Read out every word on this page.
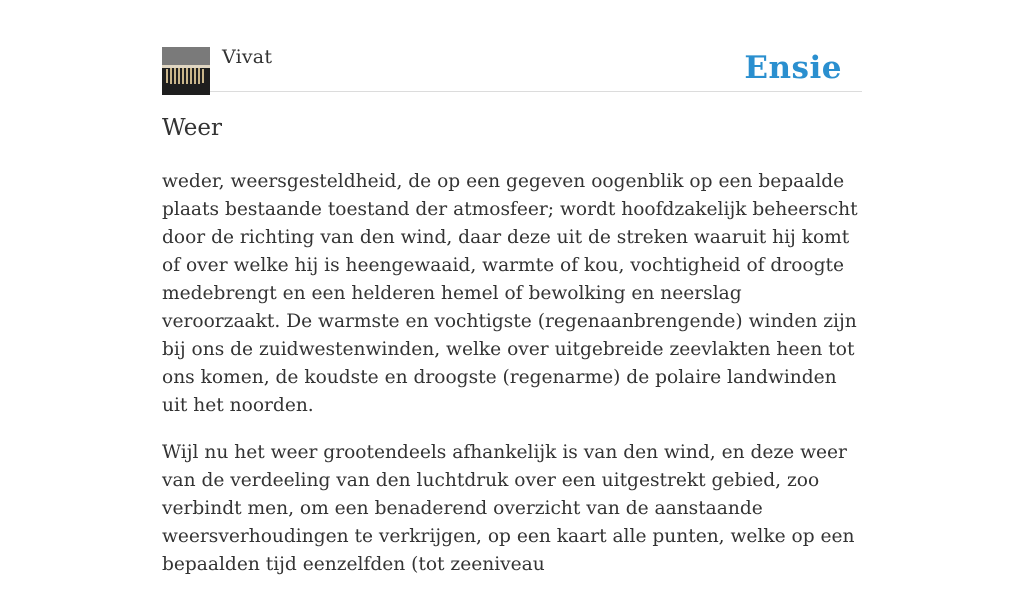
Vivat	Ensie
Weer

weder, weersgesteldheid, de op een gegeven oogenblik op een bepaalde plaats bestaande toestand der atmosfeer; wordt hoofdzakelijk beheerscht door de richting van den wind, daar deze uit de streken waaruit hij komt of over welke hij is heengewaaid, warmte of kou, vochtigheid of droogte medebrengt en een helderen hemel of bewolking en neerslag veroorzaakt. De warmste en vochtigste (regenaanbrengende) winden zijn bij ons de zuidwestenwinden, welke over uitgebreide zeevlakten heen tot ons komen, de koudste en droogste (regenarme) de polaire landwinden uit het noorden.

Wijl nu het weer grootendeels afhankelijk is van den wind, en deze weer van de verdeeling van den luchtdruk over een uitgestrekt gebied, zoo verbindt men, om een benaderend overzicht van de aanstaande weersverhoudingen te verkrijgen, op een kaart alle punten, welke op een bepaalden tijd eenzelfden (tot zeeniveau
